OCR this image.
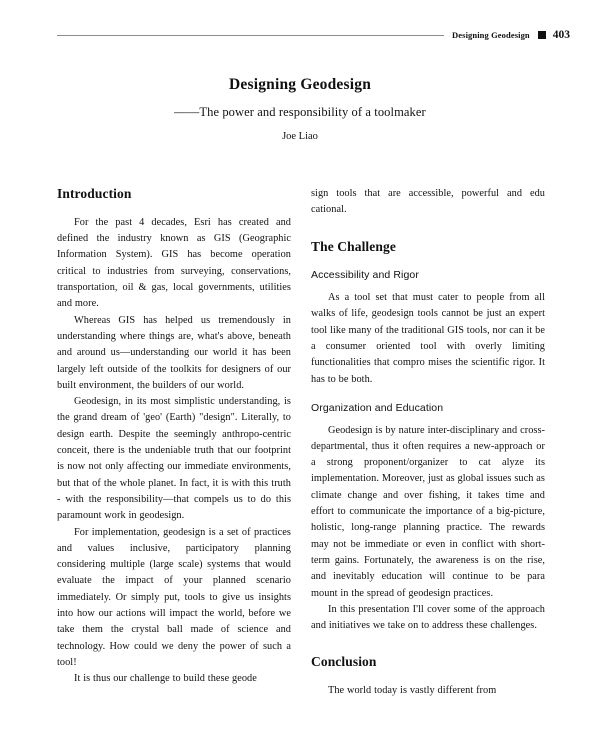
Designing Geodesign 403
Designing Geodesign

——The power and responsibility of a toolmaker

Joe Liao

Introduction

For the past 4 decades, Esri has created and defined the industry known as GIS (Geographic Information System). GIS has become operation critical to industries from surveying, conservations, transportation, oil & gas, local governments, utilities and more.

Whereas GIS has helped us tremendously in understanding where things are, what's above, beneath and around us—understanding our world it has been largely left outside of the toolkits for designers of our built environment, the builders of our world.

Geodesign, in its most simplistic understanding, is the grand dream of 'geo' (Earth) "design". Literally, to design earth. Despite the seemingly anthropo-centric conceit, there is the undeniable truth that our footprint is now not only affecting our immediate environments, but that of the whole planet. In fact, it is with this truth - with the responsibility—that compels us to do this paramount work in geodesign.

For implementation, geodesign is a set of practices and values inclusive, participatory planning considering multiple (large scale) systems that would evaluate the impact of your planned scenario immediately. Or simply put, tools to give us insights into how our actions will impact the world, before we take them the crystal ball made of science and technology. How could we deny the power of such a tool!

It is thus our challenge to build these geode

sign tools that are accessible, powerful and edu cational.

The Challenge
Accessibility and Rigor

As a tool set that must cater to people from all walks of life, geodesign tools cannot be just an expert tool like many of the traditional GIS tools, nor can it be a consumer oriented tool with overly limiting functionalities that compro mises the scientific rigor. It has to be both.

Organization and Education

Geodesign is by nature inter-disciplinary and cross-departmental, thus it often requires a new-approach or a strong proponent/organizer to cat alyze its implementation. Moreover, just as global issues such as climate change and over fishing, it takes time and effort to communicate the importance of a big-picture, holistic, long-range planning practice. The rewards may not be immediate or even in conflict with short-term gains. Fortunately, the awareness is on the rise, and inevitably education will continue to be para mount in the spread of geodesign practices.

In this presentation I'll cover some of the approach and initiatives we take on to address these challenges.

Conclusion

The world today is vastly different from
